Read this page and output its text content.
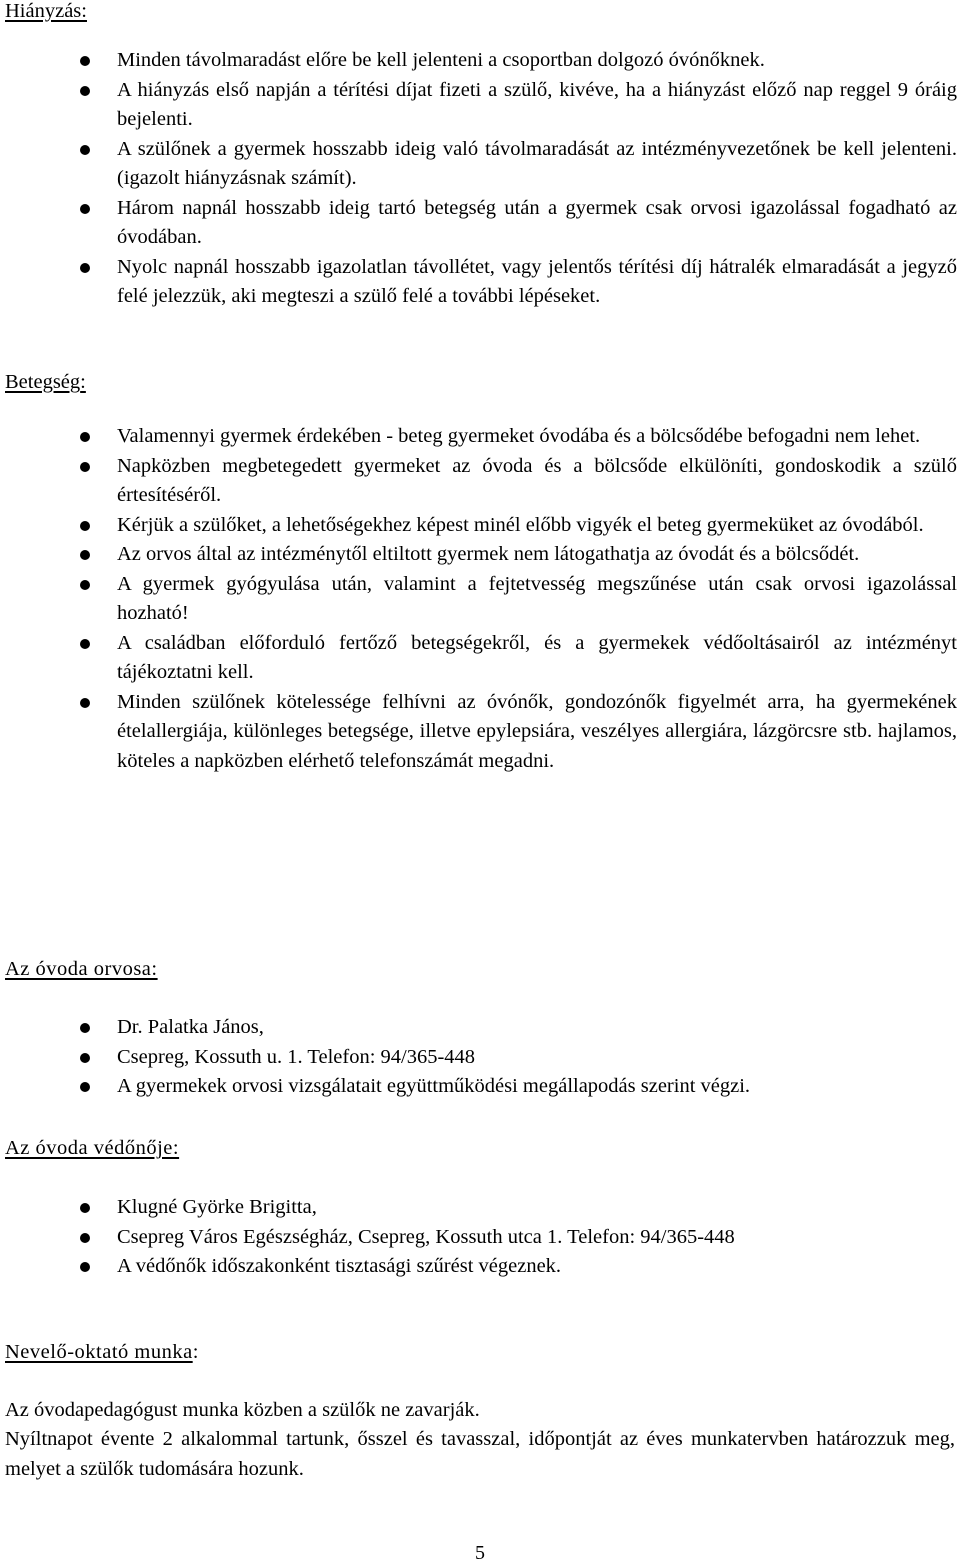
Hiányzás:
Minden távolmaradást előre be kell jelenteni a csoportban dolgozó óvónőknek.
A hiányzás első napján a térítési díjat fizeti a szülő, kivéve, ha a hiányzást előző nap reggel 9 óráig bejelenti.
A szülőnek a gyermek hosszabb ideig való távolmaradását az intézményvezetőnek be kell jelenteni. (igazolt hiányzásnak számít).
Három napnál hosszabb ideig tartó betegség után a gyermek csak orvosi igazolással fogadható az óvodában.
Nyolc napnál hosszabb igazolatlan távollétet, vagy jelentős térítési díj hátralék elmaradását a jegyző felé jelezzük, aki megteszi a szülő felé a további lépéseket.
Betegség:
Valamennyi gyermek érdekében - beteg gyermeket óvodába és a bölcsődébe befogadni nem lehet.
Napközben megbetegedett gyermeket az óvoda és a bölcsőde elkülöníti, gondoskodik a szülő értesítéséről.
Kérjük a szülőket, a lehetőségekhez képest minél előbb vigyék el beteg gyermeküket az óvodából.
Az orvos által az intézménytől eltiltott gyermek nem látogathatja az óvodát és a bölcsődét.
A gyermek gyógyulása után, valamint a fejtetvesség megszűnése után csak orvosi igazolással hozható!
A családban előforduló fertőző betegségekről, és a gyermekek védőoltásairól az intézményt tájékoztatni kell.
Minden szülőnek kötelessége felhívni az óvónők, gondozónők figyelmét arra, ha gyermekének ételallergiája, különleges betegsége, illetve epylepsiára, veszélyes allergiára, lázgörcsre stb. hajlamos, köteles a napközben elérhető telefonszámát megadni.
Az óvoda orvosa:
Dr. Palatka János,
Csepreg, Kossuth u. 1. Telefon: 94/365-448
A gyermekek orvosi vizsgálatait együttműködési megállapodás szerint végzi.
Az óvoda védőnője:
Klugné Györke Brigitta,
Csepreg Város Egészségház, Csepreg, Kossuth utca 1. Telefon: 94/365-448
A védőnők időszakonként tisztasági szűrést végeznek.
Nevelő-oktató munka:

Az óvodapedagógust munka közben a szülők ne zavarják.

Nyíltnapot évente 2 alkalommal tartunk, ősszel és tavasszal, időpontját az éves munkatervben határozzuk meg, melyet a szülők tudomására hozunk.

5
